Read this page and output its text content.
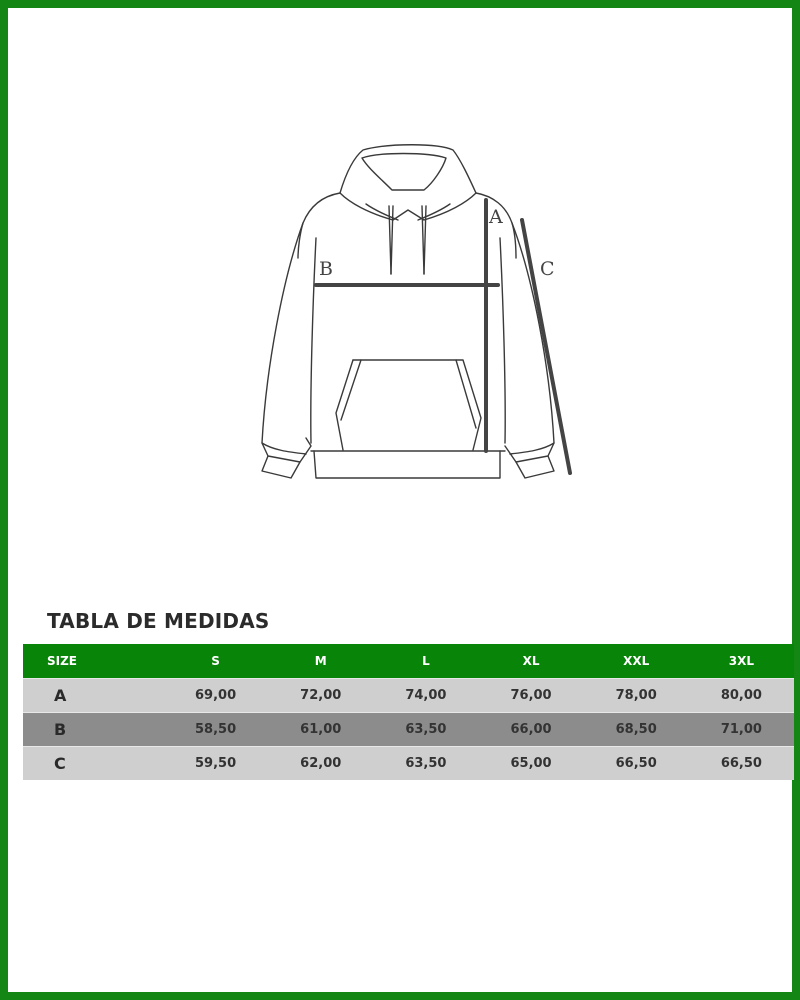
A
B	C
TABLA DE MEDIDAS
SIZE	S	M	L	XL	XXL	3XL
A	69,00	72,00	74,00	76,00	78,00	80,00
B	58,50	61,00	63,50	66,00	68,50	71,00
C	59,50	62,00	63,50	65,00	66,50	66,50
